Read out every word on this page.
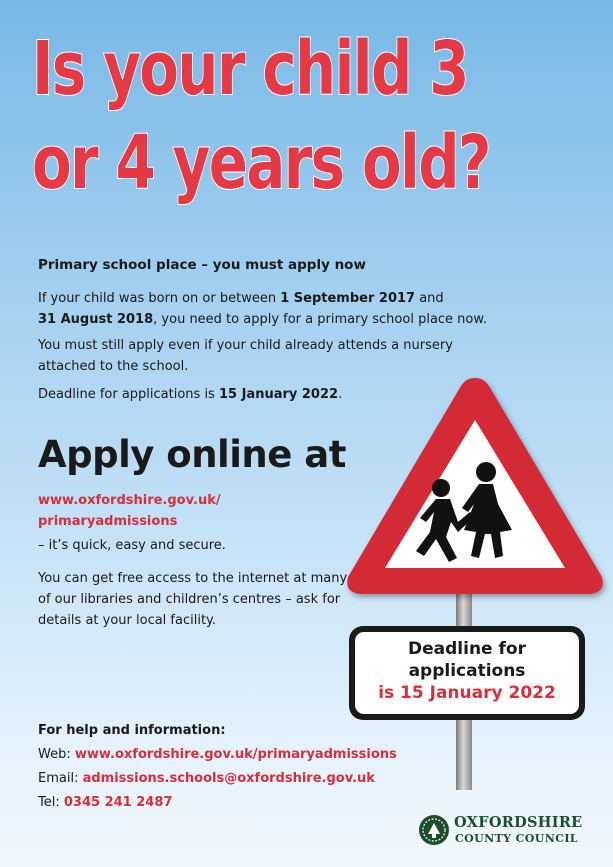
Is your child 3
or 4 years old?
Primary school place – you must apply now
If your child was born on or between 1 September 2017 and
31 August 2018, you need to apply for a primary school place now.
You must still apply even if your child already attends a nursery attached to the school.
Deadline for applications is 15 January 2022.
Apply online at
www.oxfordshire.gov.uk/
primaryadmissions
– it’s quick, easy and secure.
You can get free access to the internet at many of our libraries and children’s centres – ask for details at your local facility.
Deadline for
applications
is 15 January 2022
For help and information:
Web: www.oxfordshire.gov.uk/primaryadmissions
Email: admissions.schools@oxfordshire.gov.uk
Tel: 0345 241 2487
OXFORDSHIRE
COUNTY COUNCIL
